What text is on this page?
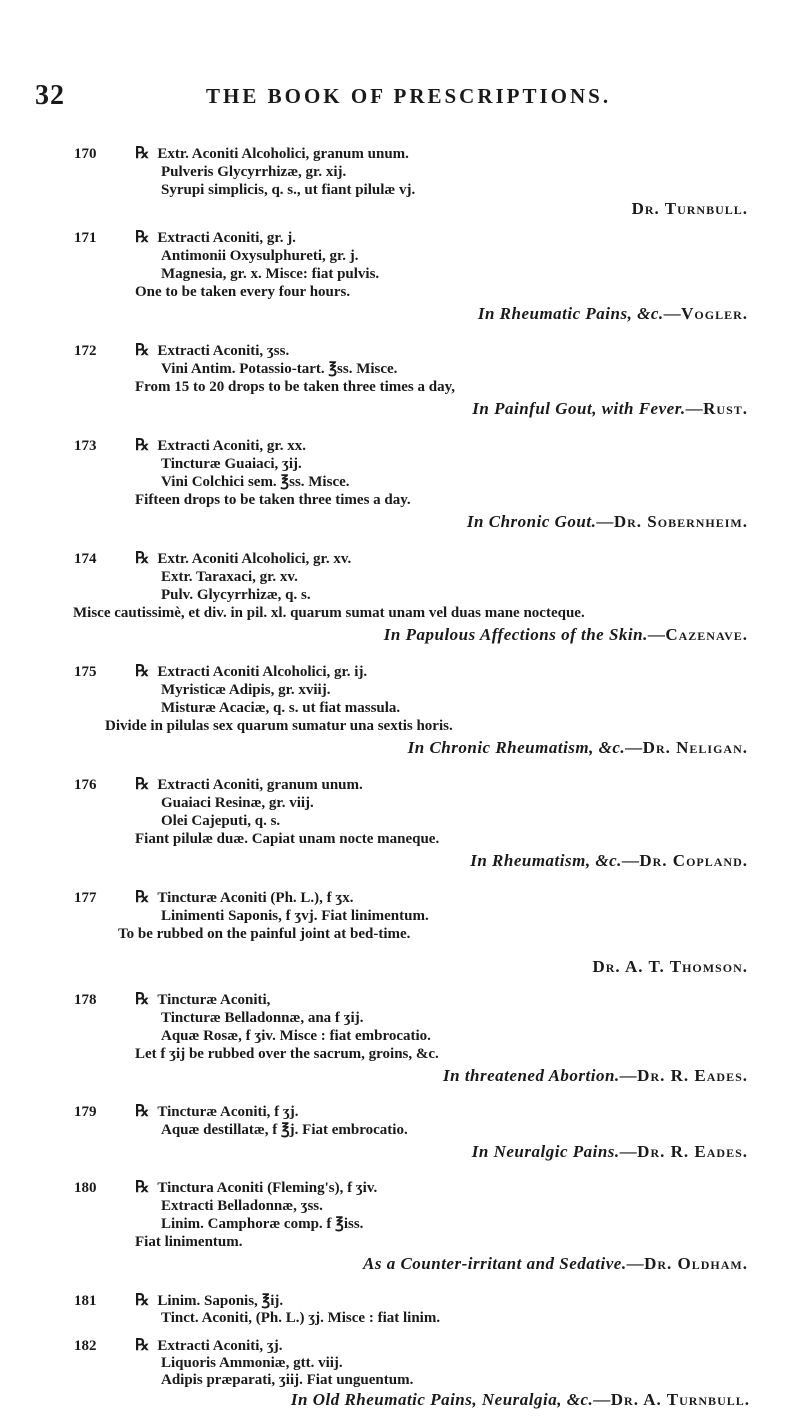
32	THE BOOK OF PRESCRIPTIONS.
170 ℞ Extr. Aconiti Alcoholici, granum unum.
Pulveris Glycyrrhizæ, gr. xij.
Syrupi simplicis, q. s., ut fiant pilulæ vj.
Dr. Turnbull.
171 ℞ Extracti Aconiti, gr. j.
Antimonii Oxysulphureti, gr. j.
Magnesia, gr. x. Misce: fiat pulvis.
One to be taken every four hours.
In Rheumatic Pains, &c.—Vogler.
172 ℞ Extracti Aconiti, ʒss.
Vini Antim. Potassio-tart. ℥ss. Misce.
From 15 to 20 drops to be taken three times a day,
In Painful Gout, with Fever.—Rust.
173 ℞ Extracti Aconiti, gr. xx.
Tincturæ Guaiaci, ʒij.
Vini Colchici sem. ℥ss. Misce.
Fifteen drops to be taken three times a day.
In Chronic Gout.—Dr. Sobernheim.
174 ℞ Extr. Aconiti Alcoholici, gr. xv.
Extr. Taraxaci, gr. xv.
Pulv. Glycyrrhizæ, q. s.
Misce cautissimè, et div. in pil. xl. quarum sumat unam vel duas mane nocteque.
In Papulous Affections of the Skin.—Cazenave.
175 ℞ Extracti Aconiti Alcoholici, gr. ij.
Myristicæ Adipis, gr. xviij.
Misturæ Acaciæ, q. s. ut fiat massula.
Divide in pilulas sex quarum sumatur una sextis horis.
In Chronic Rheumatism, &c.—Dr. Neligan.
176 ℞ Extracti Aconiti, granum unum.
Guaiaci Resinæ, gr. viij.
Olei Cajeputi, q. s.
Fiant pilulæ duæ. Capiat unam nocte maneque.
In Rheumatism, &c.—Dr. Copland.
177 ℞ Tincturæ Aconiti (Ph. L.), f ʒx.
Linimenti Saponis, f ʒvj. Fiat linimentum.
To be rubbed on the painful joint at bed-time.
Dr. A. T. Thomson.
178 ℞ Tincturæ Aconiti,
Tincturæ Belladonnæ, ana f ʒij.
Aquæ Rosæ, f ʒiv. Misce : fiat embrocatio.
Let f ʒij be rubbed over the sacrum, groins, &c.
In threatened Abortion.—Dr. R. Eades.
179 ℞ Tincturæ Aconiti, f ʒj.
Aquæ destillatæ, f ℥j. Fiat embrocatio.
In Neuralgic Pains.—Dr. R. Eades.
180 ℞ Tinctura Aconiti (Fleming's), f ʒiv.
Extracti Belladonnæ, ʒss.
Linim. Camphoræ comp. f ℥iss.
Fiat linimentum.
As a Counter-irritant and Sedative.—Dr. Oldham.
181 ℞ Linim. Saponis, ℥ij.
Tinct. Aconiti, (Ph. L.) ʒj. Misce : fiat linim.
182 ℞ Extracti Aconiti, ʒj.
Liquoris Ammoniæ, gtt. viij.
Adipis præparati, ʒiij. Fiat unguentum.
In Old Rheumatic Pains, Neuralgia, &c.—Dr. A. Turnbull.
